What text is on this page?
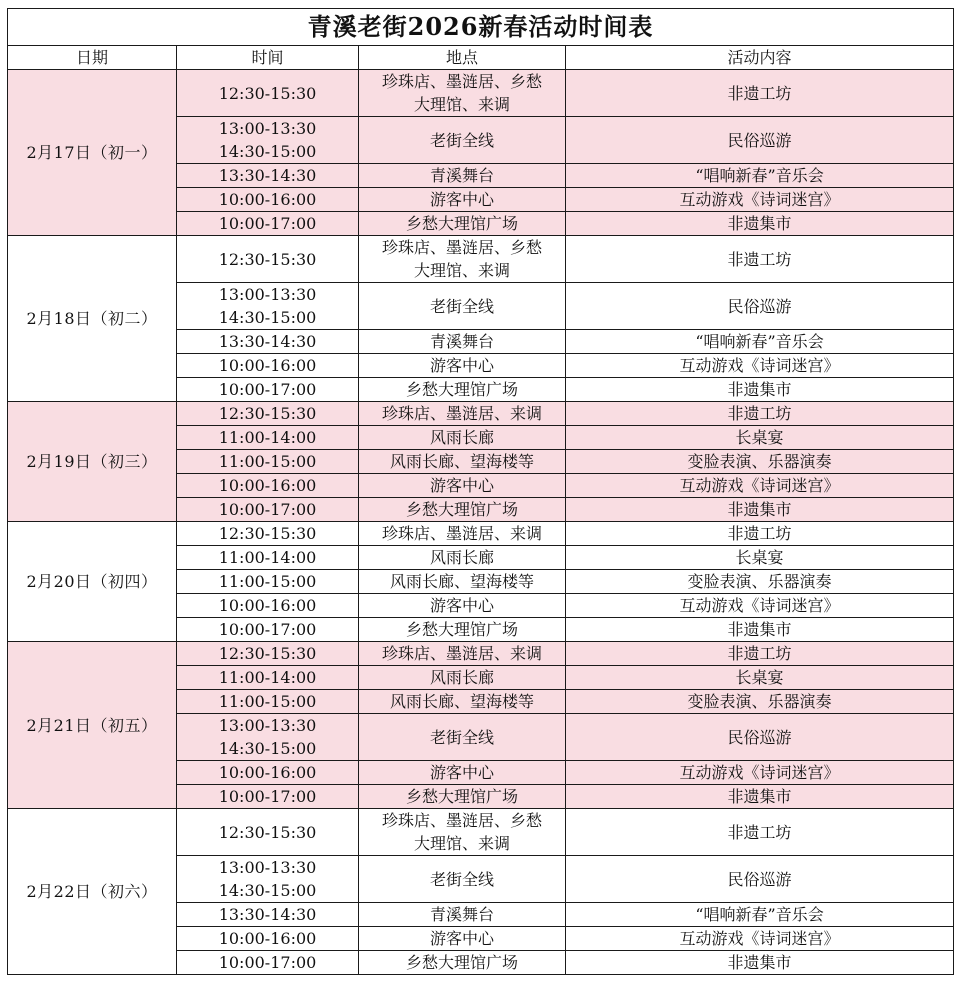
青溪老街2026新春活动时间表			
日期	时间	地点	活动内容
2月17日（初一）	12:30-15:30	珍珠店、墨涟居、乡愁
大理馆、来调	非遗工坊

	13:00-13:30
14:30-15:00	老街全线	民俗巡游

	13:30-14:30	青溪舞台	“唱响新春”音乐会

	10:00-16:00	游客中心	互动游戏《诗词迷宫》

	10:00-17:00	乡愁大理馆广场	非遗集市
2月18日（初二）	12:30-15:30	珍珠店、墨涟居、乡愁
大理馆、来调	非遗工坊

	13:00-13:30
14:30-15:00	老街全线	民俗巡游

	13:30-14:30	青溪舞台	“唱响新春”音乐会

	10:00-16:00	游客中心	互动游戏《诗词迷宫》

	10:00-17:00	乡愁大理馆广场	非遗集市
2月19日（初三）	12:30-15:30	珍珠店、墨涟居、来调	非遗工坊

	11:00-14:00	风雨长廊	长桌宴

	11:00-15:00	风雨长廊、望海楼等	变脸表演、乐器演奏

	10:00-16:00	游客中心	互动游戏《诗词迷宫》

	10:00-17:00	乡愁大理馆广场	非遗集市
2月20日（初四）	12:30-15:30	珍珠店、墨涟居、来调	非遗工坊

	11:00-14:00	风雨长廊	长桌宴

	11:00-15:00	风雨长廊、望海楼等	变脸表演、乐器演奏

	10:00-16:00	游客中心	互动游戏《诗词迷宫》

	10:00-17:00	乡愁大理馆广场	非遗集市
2月21日（初五）	12:30-15:30	珍珠店、墨涟居、来调	非遗工坊

	11:00-14:00	风雨长廊	长桌宴

	11:00-15:00	风雨长廊、望海楼等	变脸表演、乐器演奏

	13:00-13:30
14:30-15:00	老街全线	民俗巡游

	10:00-16:00	游客中心	互动游戏《诗词迷宫》

	10:00-17:00	乡愁大理馆广场	非遗集市
2月22日（初六）	12:30-15:30	珍珠店、墨涟居、乡愁
大理馆、来调	非遗工坊

	13:00-13:30
14:30-15:00	老街全线	民俗巡游

	13:30-14:30	青溪舞台	“唱响新春”音乐会

	10:00-16:00	游客中心	互动游戏《诗词迷宫》

	10:00-17:00	乡愁大理馆广场	非遗集市
